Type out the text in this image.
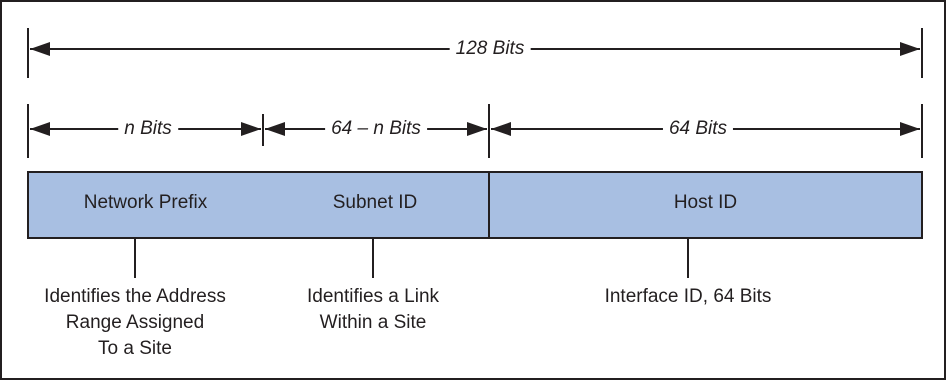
128 Bits
n Bits	64 – n Bits	64 Bits
Network Prefix	Subnet ID	Host ID
Identifies the Address
Range Assigned
To a Site
Identifies a Link
Within a Site
Interface ID, 64 Bits
